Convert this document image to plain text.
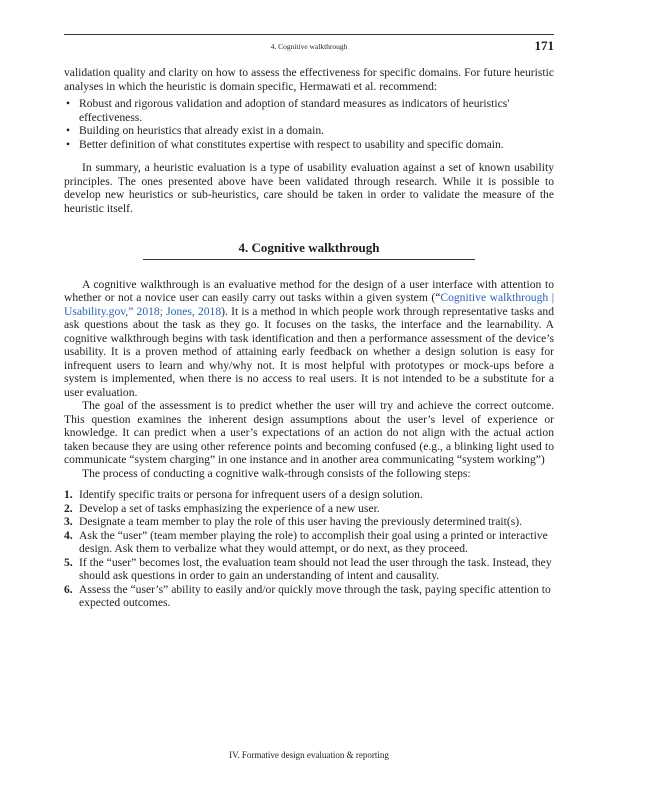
4. Cognitive walkthrough	171

validation quality and clarity on how to assess the effectiveness for specific domains. For future heuristic analyses in which the heuristic is domain specific, Hermawati et al. recommend:

• Robust and rigorous validation and adoption of standard measures as indicators of heuristics' effectiveness.
• Building on heuristics that already exist in a domain.
• Better definition of what constitutes expertise with respect to usability and specific domain.

In summary, a heuristic evaluation is a type of usability evaluation against a set of known usability principles. The ones presented above have been validated through research. While it is possible to develop new heuristics or sub-heuristics, care should be taken in order to validate the measure of the heuristic itself.

4. Cognitive walkthrough

A cognitive walkthrough is an evaluative method for the design of a user interface with attention to whether or not a novice user can easily carry out tasks within a given system (“Cognitive walkthrough | Usability.gov,” 2018; Jones, 2018). It is a method in which people work through representative tasks and ask questions about the task as they go. It focuses on the tasks, the interface and the learnability. A cognitive walkthrough begins with task identification and then a performance assessment of the device’s usability. It is a proven method of attaining early feedback on whether a design solution is easy for infrequent users to learn and why/why not. It is most helpful with prototypes or mock-ups before a system is implemented, when there is no access to real users. It is not intended to be a substitute for a user evaluation.

The goal of the assessment is to predict whether the user will try and achieve the correct outcome. This question examines the inherent design assumptions about the user’s level of experience or knowledge. It can predict when a user’s expectations of an action do not align with the actual action taken because they are using other reference points and becoming confused (e.g., a blinking light used to communicate “system charging” in one instance and in another area communicating “system working”)

The process of conducting a cognitive walk-through consists of the following steps:

1. Identify specific traits or persona for infrequent users of a design solution.
2. Develop a set of tasks emphasizing the experience of a new user.
3. Designate a team member to play the role of this user having the previously determined trait(s).
4. Ask the “user” (team member playing the role) to accomplish their goal using a printed or interactive design. Ask them to verbalize what they would attempt, or do next, as they proceed.
5. If the “user” becomes lost, the evaluation team should not lead the user through the task. Instead, they should ask questions in order to gain an understanding of intent and causality.
6. Assess the “user’s” ability to easily and/or quickly move through the task, paying specific attention to expected outcomes.
IV. Formative design evaluation & reporting
